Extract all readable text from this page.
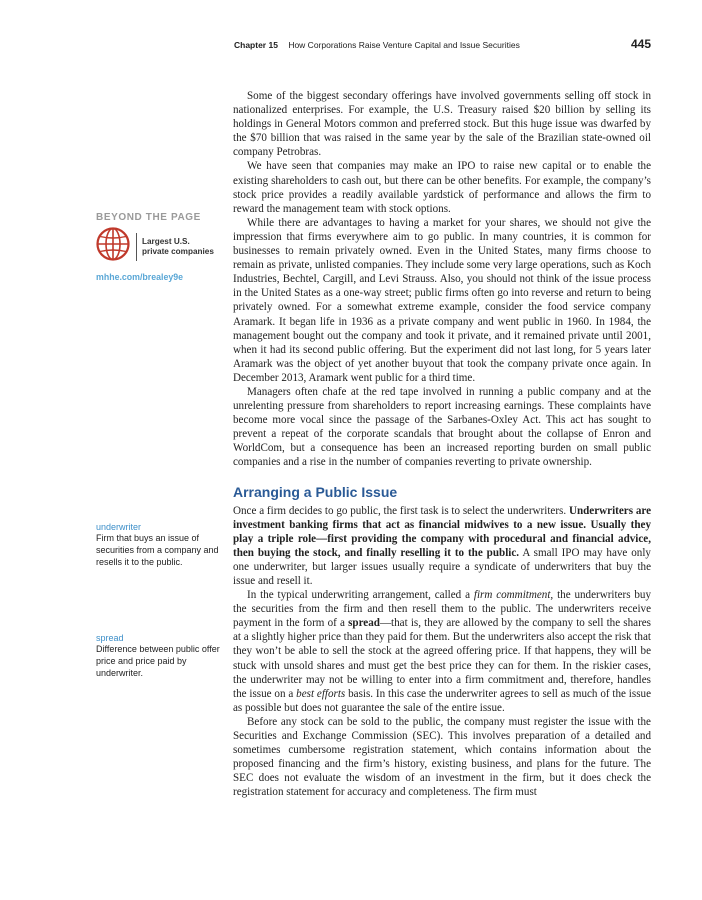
Chapter 15 How Corporations Raise Venture Capital and Issue Securities	445
BEYOND THE PAGE
Largest U.S.
private companies
mhhe.com/brealey9e
underwriter
Firm that buys an issue of securities from a company and resells it to the public.
spread
Difference between public offer price and price paid by underwriter.

Some of the biggest secondary offerings have involved governments selling off stock in nationalized enterprises. For example, the U.S. Treasury raised $20 billion by selling its holdings in General Motors common and preferred stock. But this huge issue was dwarfed by the $70 billion that was raised in the same year by the sale of the Brazilian state-owned oil company Petrobras.

We have seen that companies may make an IPO to raise new capital or to enable the existing shareholders to cash out, but there can be other benefits. For example, the company’s stock price provides a readily available yardstick of performance and allows the firm to reward the management team with stock options.

While there are advantages to having a market for your shares, we should not give the impression that firms everywhere aim to go public. In many countries, it is common for businesses to remain privately owned. Even in the United States, many firms choose to remain as private, unlisted companies. They include some very large operations, such as Koch Industries, Bechtel, Cargill, and Levi Strauss. Also, you should not think of the issue process in the United States as a one-way street; public firms often go into reverse and return to being privately owned. For a somewhat extreme example, consider the food service company Aramark. It began life in 1936 as a private company and went public in 1960. In 1984, the management bought out the company and took it private, and it remained private until 2001, when it had its second public offering. But the experiment did not last long, for 5 years later Aramark was the object of yet another buyout that took the company private once again. In December 2013, Aramark went public for a third time.

Managers often chafe at the red tape involved in running a public company and at the unrelenting pressure from shareholders to report increasing earnings. These complaints have become more vocal since the passage of the Sarbanes-Oxley Act. This act has sought to prevent a repeat of the corporate scandals that brought about the collapse of Enron and WorldCom, but a consequence has been an increased reporting burden on small public companies and a rise in the number of companies reverting to private ownership.

Arranging a Public Issue

Once a firm decides to go public, the first task is to select the underwriters. Underwriters are investment banking firms that act as financial midwives to a new issue. Usually they play a triple role—first providing the company with procedural and financial advice, then buying the stock, and finally reselling it to the public. A small IPO may have only one underwriter, but larger issues usually require a syndicate of underwriters that buy the issue and resell it.

In the typical underwriting arrangement, called a firm commitment, the underwriters buy the securities from the firm and then resell them to the public. The underwriters receive payment in the form of a spread—that is, they are allowed by the company to sell the shares at a slightly higher price than they paid for them. But the underwriters also accept the risk that they won’t be able to sell the stock at the agreed offering price. If that happens, they will be stuck with unsold shares and must get the best price they can for them. In the riskier cases, the underwriter may not be willing to enter into a firm commitment and, therefore, handles the issue on a best efforts basis. In this case the underwriter agrees to sell as much of the issue as possible but does not guarantee the sale of the entire issue.

Before any stock can be sold to the public, the company must register the issue with the Securities and Exchange Commission (SEC). This involves preparation of a detailed and sometimes cumbersome registration statement, which contains information about the proposed financing and the firm’s history, existing business, and plans for the future. The SEC does not evaluate the wisdom of an investment in the firm, but it does check the registration statement for accuracy and completeness. The firm must
